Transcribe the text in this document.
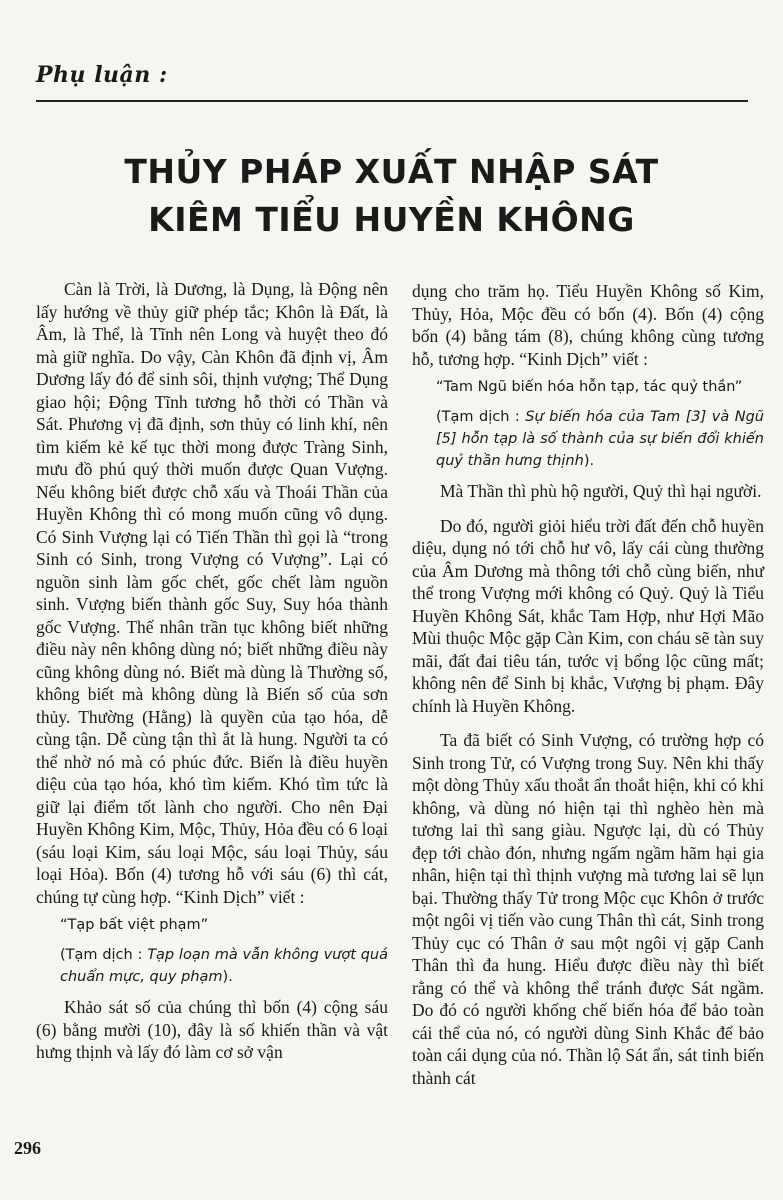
Phụ luận :
THỦY PHÁP XUẤT NHẬP SÁT
KIÊM TIỂU HUYỀN KHÔNG

Càn là Trời, là Dương, là Dụng, là Động nên lấy hướng về thủy giữ phép tắc; Khôn là Đất, là Âm, là Thể, là Tĩnh nên Long và huyệt theo đó mà giữ nghĩa. Do vậy, Càn Khôn đã định vị, Âm Dương lấy đó để sinh sôi, thịnh vượng; Thể Dụng giao hội; Động Tĩnh tương hỗ thời có Thần và Sát. Phương vị đã định, sơn thủy có linh khí, nên tìm kiếm kẻ kế tục thời mong được Tràng Sinh, mưu đồ phú quý thời muốn được Quan Vượng. Nếu không biết được chỗ xấu và Thoái Thần của Huyền Không thì có mong muốn cũng vô dụng. Có Sinh Vượng lại có Tiến Thần thì gọi là “trong Sinh có Sinh, trong Vượng có Vượng”. Lại có nguồn sinh làm gốc chết, gốc chết làm nguồn sinh. Vượng biến thành gốc Suy, Suy hóa thành gốc Vượng. Thế nhân trần tục không biết những điều này nên không dùng nó; biết những điều này cũng không dùng nó. Biết mà dùng là Thường số, không biết mà không dùng là Biến số của sơn thủy. Thường (Hằng) là quyền của tạo hóa, dễ cùng tận. Dễ cùng tận thì ắt là hung. Người ta có thể nhờ nó mà có phúc đức. Biến là điều huyền diệu của tạo hóa, khó tìm kiếm. Khó tìm tức là giữ lại điểm tốt lành cho người. Cho nên Đại Huyền Không Kim, Mộc, Thủy, Hỏa đều có 6 loại (sáu loại Kim, sáu loại Mộc, sáu loại Thủy, sáu loại Hỏa). Bốn (4) tương hỗ với sáu (6) thì cát, chúng tự cùng hợp. “Kinh Dịch” viết :

“Tạp bất việt phạm”
(Tạm dịch : Tạp loạn mà vẫn không vượt quá chuẩn mực, quy phạm).

Khảo sát số của chúng thì bốn (4) cộng sáu (6) bằng mười (10), đây là số khiến thần và vật hưng thịnh và lấy đó làm cơ sở vận

dụng cho trăm họ. Tiểu Huyền Không số Kim, Thủy, Hỏa, Mộc đều có bốn (4). Bốn (4) cộng bốn (4) bằng tám (8), chúng không cùng tương hỗ, tương hợp. “Kinh Dịch” viết :

“Tam Ngũ biến hóa hỗn tạp, tác quỷ thần”
(Tạm dịch : Sự biến hóa của Tam [3] và Ngũ [5] hỗn tạp là số thành của sự biến đổi khiến quỷ thần hưng thịnh).

Mà Thần thì phù hộ người, Quỷ thì hại người.

Do đó, người giỏi hiểu trời đất đến chỗ huyền diệu, dụng nó tới chỗ hư vô, lấy cái cùng thường của Âm Dương mà thông tới chỗ cùng biến, như thể trong Vượng mới không có Quỷ. Quỷ là Tiểu Huyền Không Sát, khắc Tam Hợp, như Hợi Mão Mùi thuộc Mộc gặp Càn Kim, con cháu sẽ tàn suy mãi, đất đai tiêu tán, tước vị bổng lộc cũng mất; không nên để Sinh bị khắc, Vượng bị phạm. Đây chính là Huyền Không.

Ta đã biết có Sinh Vượng, có trường hợp có Sinh trong Tử, có Vượng trong Suy. Nên khi thấy một dòng Thủy xấu thoắt ẩn thoắt hiện, khi có khi không, và dùng nó hiện tại thì nghèo hèn mà tương lai thì sang giàu. Ngược lại, dù có Thủy đẹp tới chào đón, nhưng ngấm ngầm hãm hại gia nhân, hiện tại thì thịnh vượng mà tương lai sẽ lụn bại. Thường thấy Tử trong Mộc cục Khôn ở trước một ngôi vị tiến vào cung Thân thì cát, Sinh trong Thủy cục có Thân ở sau một ngôi vị gặp Canh Thân thì đa hung. Hiểu được điều này thì biết rằng có thể và không thể tránh được Sát ngầm. Do đó có người khống chế biến hóa để bảo toàn cái thể của nó, có người dùng Sinh Khắc để bảo toàn cái dụng của nó. Thần lộ Sát ẩn, sát tinh biến thành cát

296
